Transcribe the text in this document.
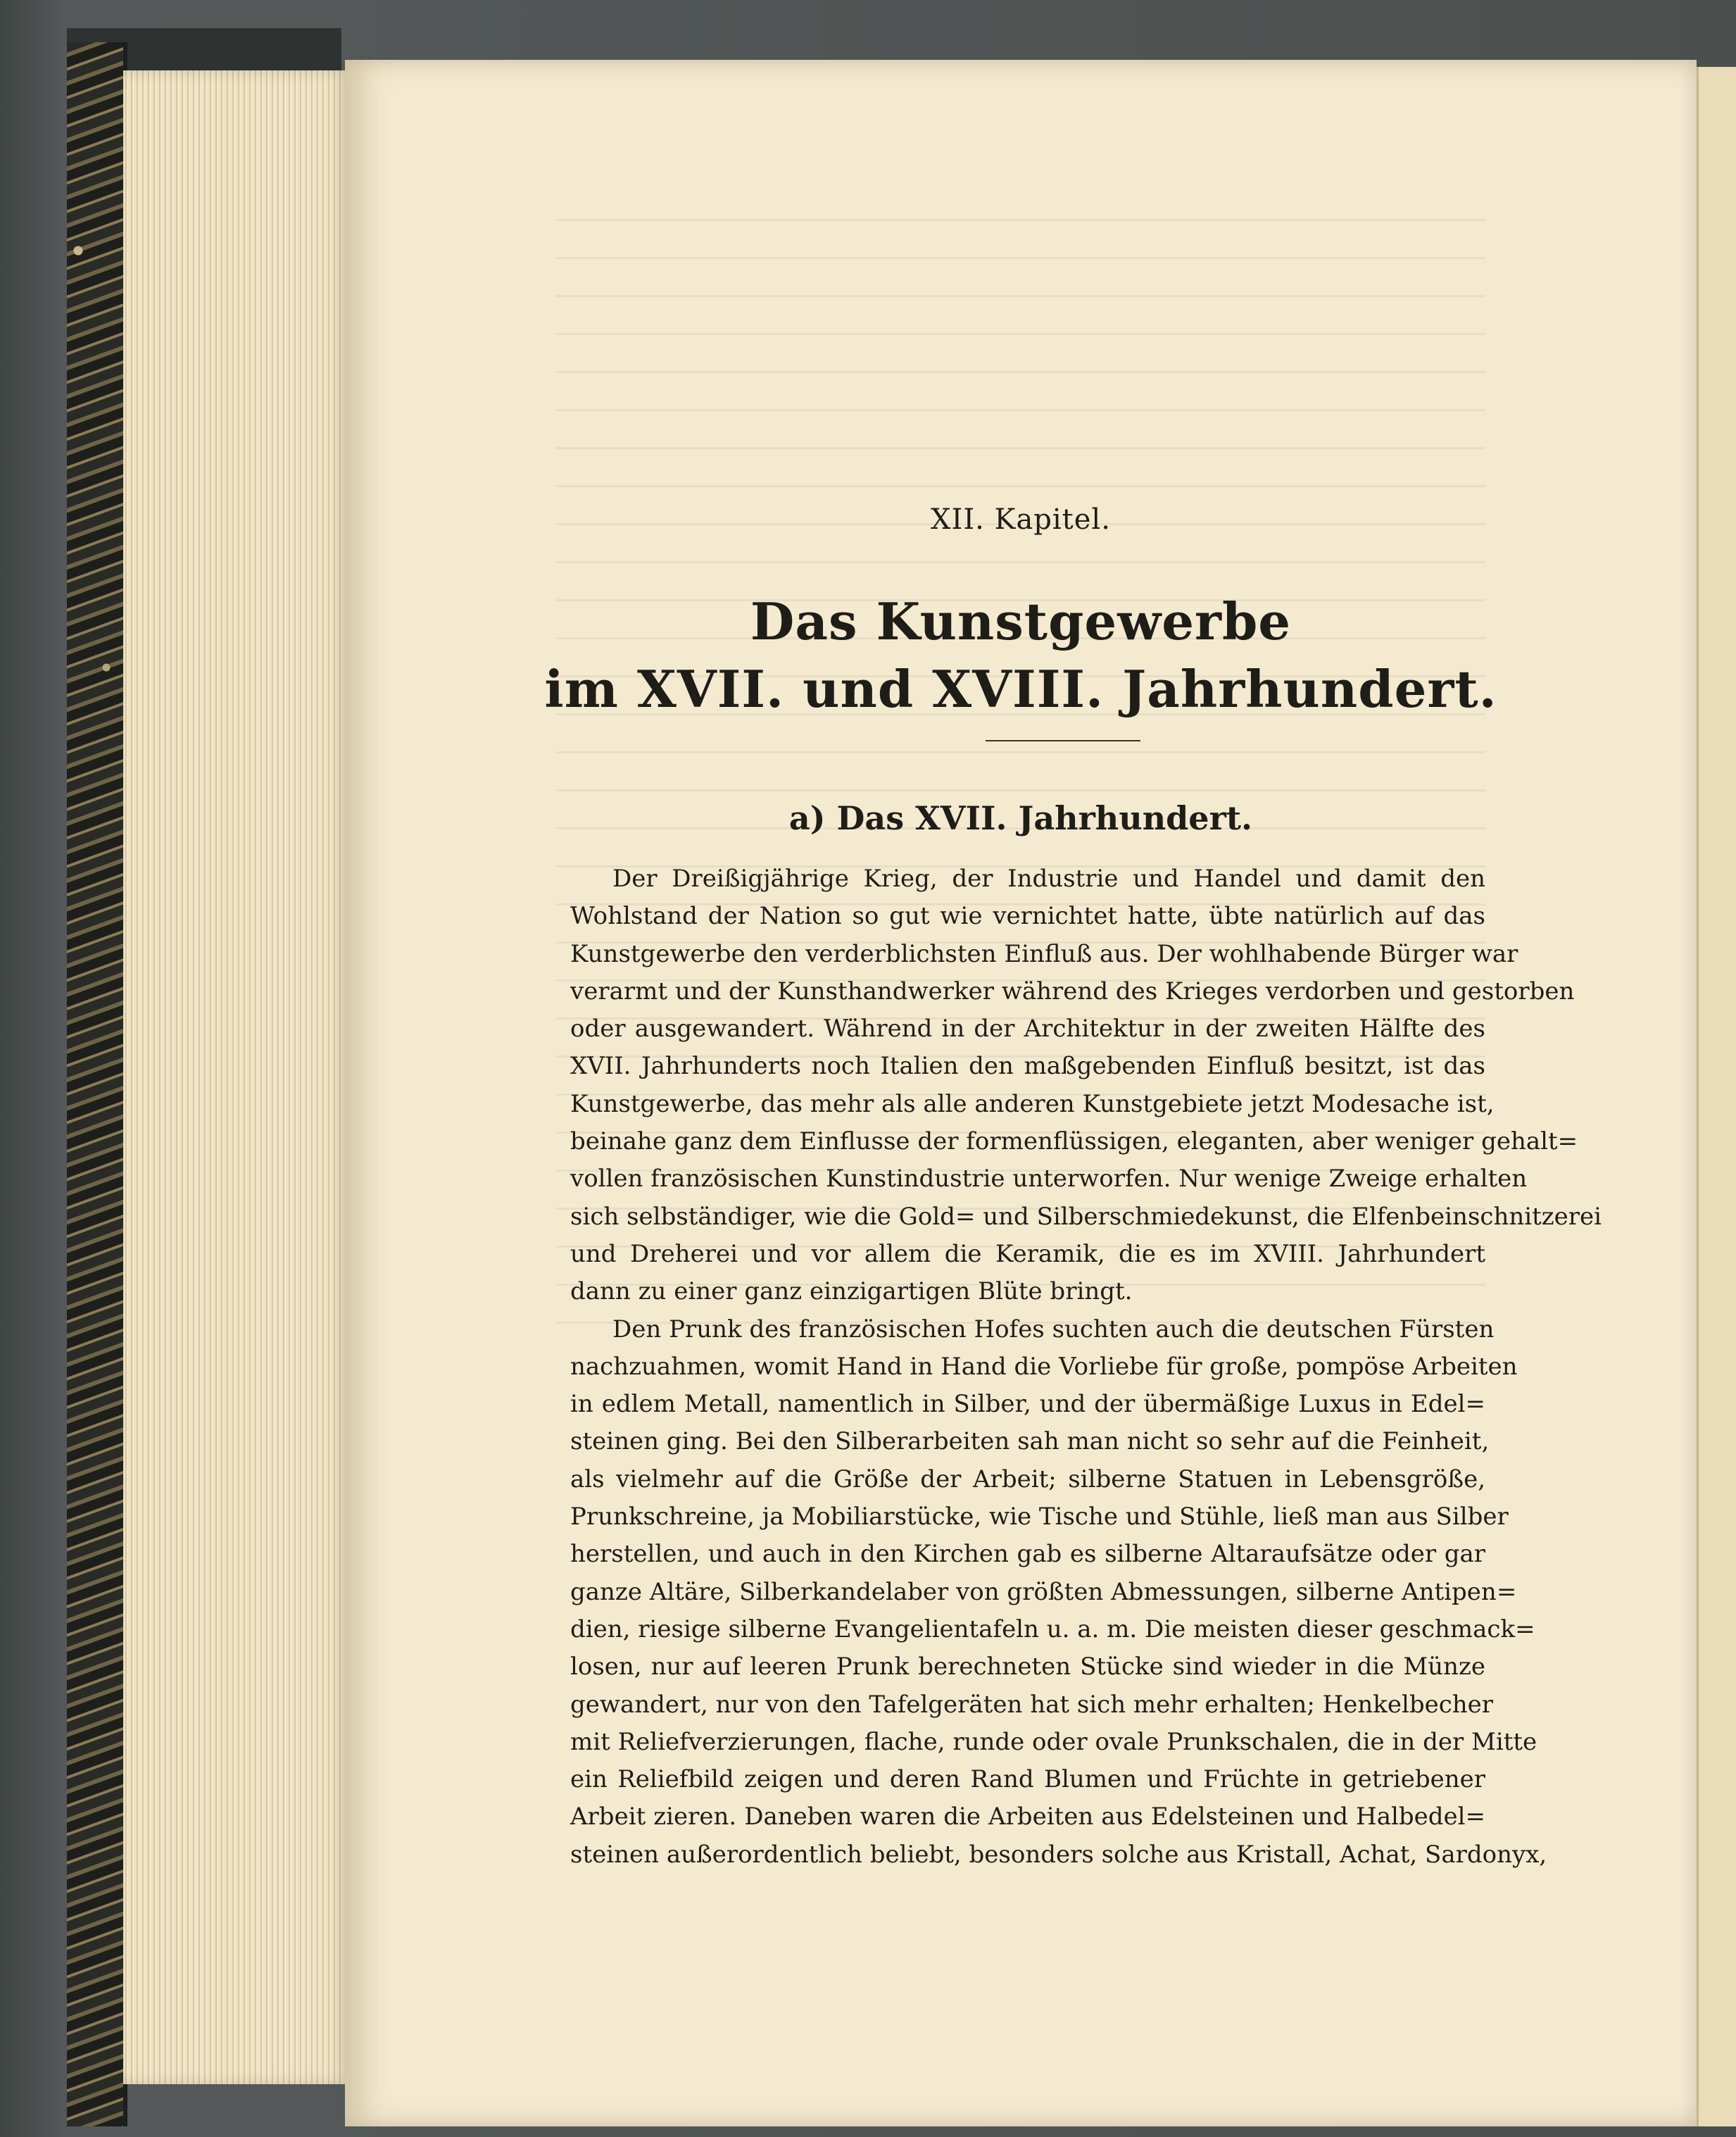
XII. Kapitel.
Das Kunstgewerbe
im XVII. und XVIII. Jahrhundert.
a) Das XVII. Jahrhundert.
Der Dreißigjährige Krieg, der Industrie und Handel und damit den
Wohlstand der Nation so gut wie vernichtet hatte, übte natürlich auf das
Kunstgewerbe den verderblichsten Einfluß aus. Der wohlhabende Bürger war
verarmt und der Kunsthandwerker während des Krieges verdorben und gestorben
oder ausgewandert. Während in der Architektur in der zweiten Hälfte des
XVII. Jahrhunderts noch Italien den maßgebenden Einfluß besitzt, ist das
Kunstgewerbe, das mehr als alle anderen Kunstgebiete jetzt Modesache ist,
beinahe ganz dem Einflusse der formenflüssigen, eleganten, aber weniger gehalt=
vollen französischen Kunstindustrie unterworfen. Nur wenige Zweige erhalten
sich selbständiger, wie die Gold= und Silberschmiedekunst, die Elfenbeinschnitzerei
und Dreherei und vor allem die Keramik, die es im XVIII. Jahrhundert
dann zu einer ganz einzigartigen Blüte bringt.
Den Prunk des französischen Hofes suchten auch die deutschen Fürsten
nachzuahmen, womit Hand in Hand die Vorliebe für große, pompöse Arbeiten
in edlem Metall, namentlich in Silber, und der übermäßige Luxus in Edel=
steinen ging. Bei den Silberarbeiten sah man nicht so sehr auf die Feinheit,
als vielmehr auf die Größe der Arbeit; silberne Statuen in Lebensgröße,
Prunkschreine, ja Mobiliarstücke, wie Tische und Stühle, ließ man aus Silber
herstellen, und auch in den Kirchen gab es silberne Altaraufsätze oder gar
ganze Altäre, Silberkandelaber von größten Abmessungen, silberne Antipen=
dien, riesige silberne Evangelientafeln u. a. m. Die meisten dieser geschmack=
losen, nur auf leeren Prunk berechneten Stücke sind wieder in die Münze
gewandert, nur von den Tafelgeräten hat sich mehr erhalten; Henkelbecher
mit Reliefverzierungen, flache, runde oder ovale Prunkschalen, die in der Mitte
ein Reliefbild zeigen und deren Rand Blumen und Früchte in getriebener
Arbeit zieren. Daneben waren die Arbeiten aus Edelsteinen und Halbedel=
steinen außerordentlich beliebt, besonders solche aus Kristall, Achat, Sardonyx,
